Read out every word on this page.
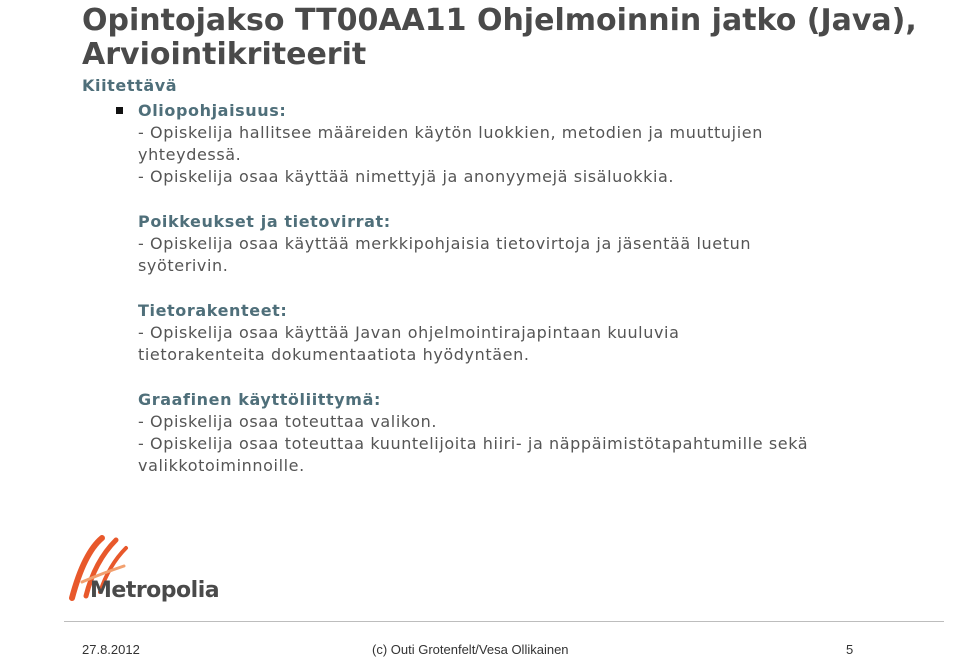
Opintojakso TT00AA11 Ohjelmoinnin jatko (Java), Arviointikriteerit
Kiitettävä
Oliopohjaisuus:
- Opiskelija hallitsee määreiden käytön luokkien, metodien ja muuttujien
yhteydessä.
- Opiskelija osaa käyttää nimettyjä ja anonyymejä sisäluokkia.
Poikkeukset ja tietovirrat:
- Opiskelija osaa käyttää merkkipohjaisia tietovirtoja ja jäsentää luetun
syöterivin.
Tietorakenteet:
- Opiskelija osaa käyttää Javan ohjelmointirajapintaan kuuluvia
tietorakenteita dokumentaatiota hyödyntäen.
Graafinen käyttöliittymä:
- Opiskelija osaa toteuttaa valikon.
- Opiskelija osaa toteuttaa kuuntelijoita hiiri- ja näppäimistötapahtumille sekä
valikkotoiminnoille.
Metropolia
27.8.2012	(c) Outi Grotenfelt/Vesa Ollikainen	5
